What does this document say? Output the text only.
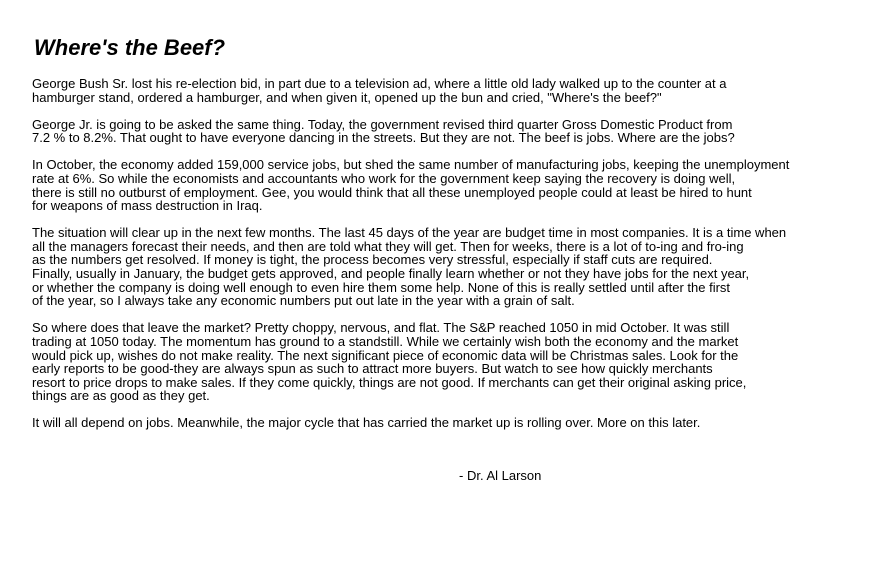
Where's the Beef?

George Bush Sr. lost his re-election bid, in part due to a television ad, where a little old lady walked up to the counter at a
hamburger stand, ordered a hamburger, and when given it, opened up the bun and cried, "Where's the beef?"

George Jr. is going to be asked the same thing. Today, the government revised third quarter Gross Domestic Product from
7.2 % to 8.2%. That ought to have everyone dancing in the streets. But they are not. The beef is jobs. Where are the jobs?

In October, the economy added 159,000 service jobs, but shed the same number of manufacturing jobs, keeping the unemployment
rate at 6%. So while the economists and accountants who work for the government keep saying the recovery is doing well,
there is still no outburst of employment. Gee, you would think that all these unemployed people could at least be hired to hunt
for weapons of mass destruction in Iraq.

The situation will clear up in the next few months. The last 45 days of the year are budget time in most companies. It is a time when
all the managers forecast their needs, and then are told what they will get. Then for weeks, there is a lot of to-ing and fro-ing
as the numbers get resolved. If money is tight, the process becomes very stressful, especially if staff cuts are required.
Finally, usually in January, the budget gets approved, and people finally learn whether or not they have jobs for the next year,
or whether the company is doing well enough to even hire them some help. None of this is really settled until after the first
of the year, so I always take any economic numbers put out late in the year with a grain of salt.

So where does that leave the market? Pretty choppy, nervous, and flat. The S&P reached 1050 in mid October. It was still
trading at 1050 today. The momentum has ground to a standstill. While we certainly wish both the economy and the market
would pick up, wishes do not make reality. The next significant piece of economic data will be Christmas sales. Look for the
early reports to be good-they are always spun as such to attract more buyers. But watch to see how quickly merchants
resort to price drops to make sales. If they come quickly, things are not good. If merchants can get their original asking price,
things are as good as they get.

It will all depend on jobs. Meanwhile, the major cycle that has carried the market up is rolling over. More on this later.

- Dr. Al Larson
